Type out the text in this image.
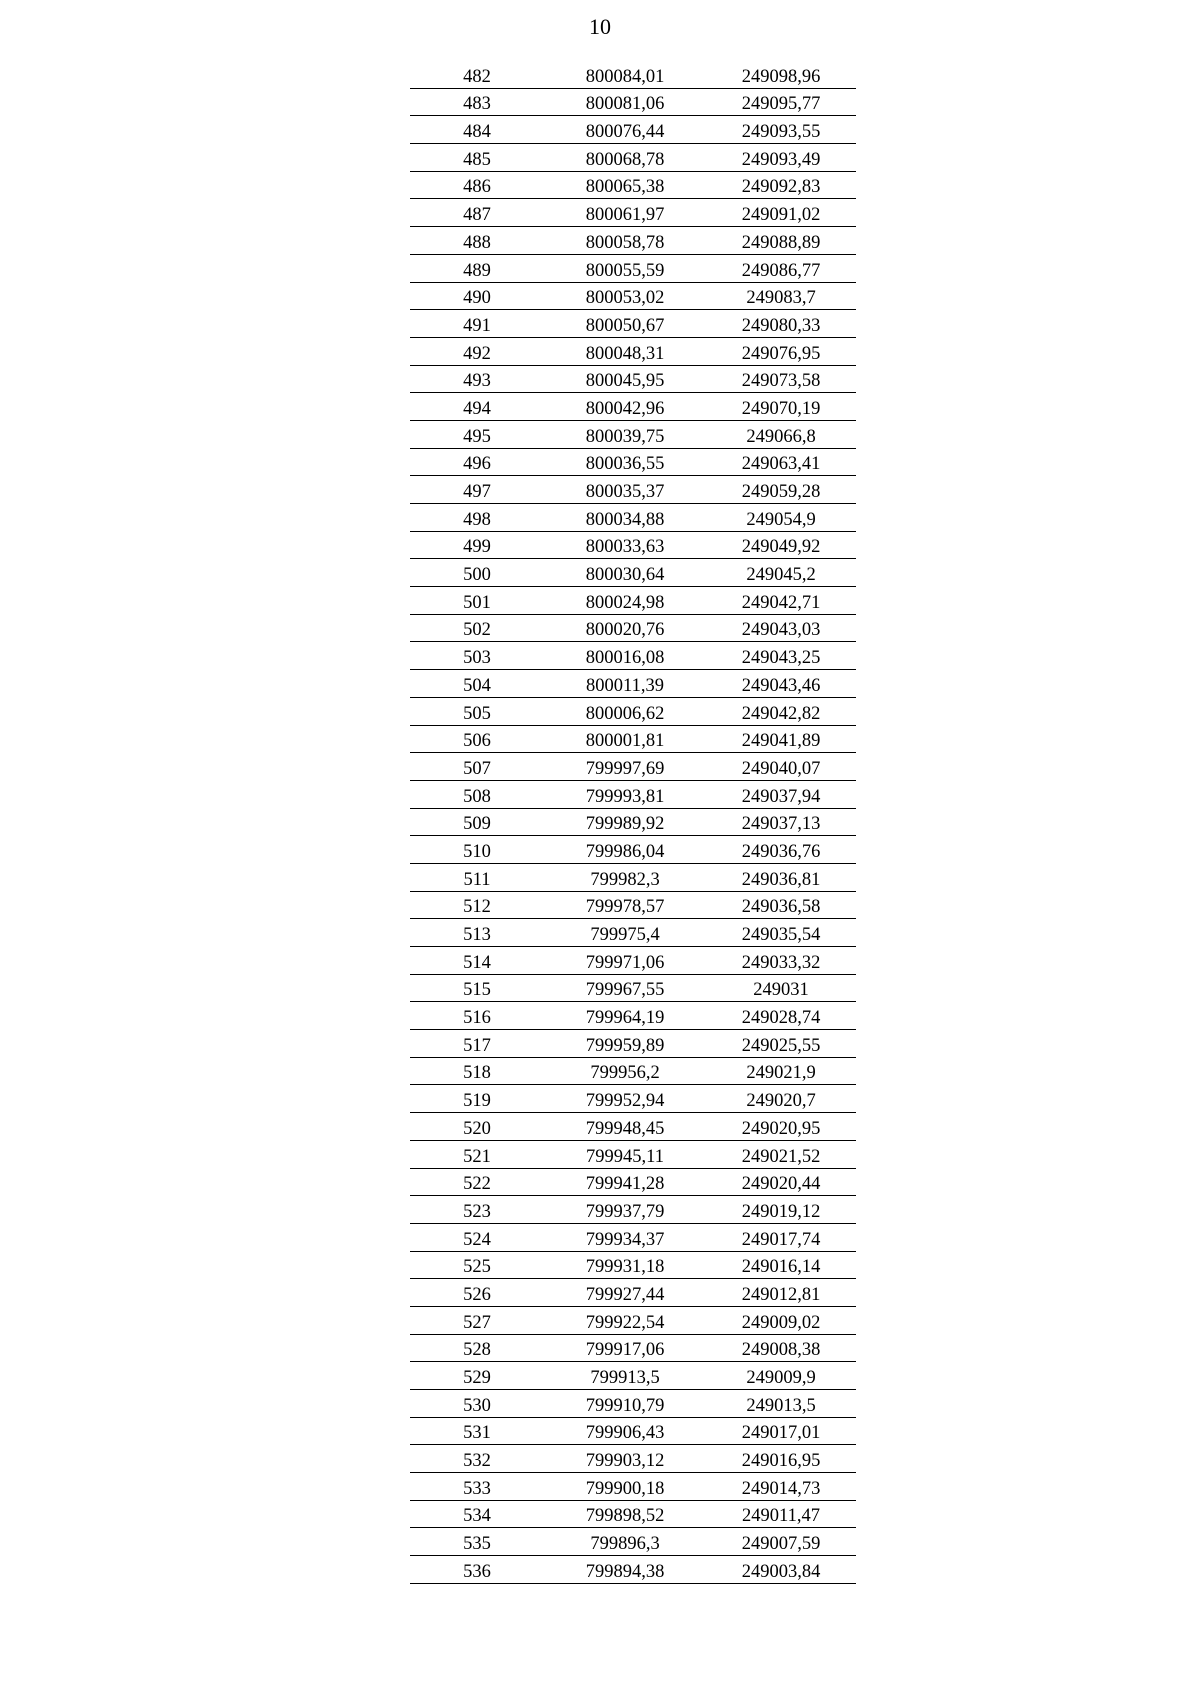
10
482	800084,01	249098,96
483	800081,06	249095,77
484	800076,44	249093,55
485	800068,78	249093,49
486	800065,38	249092,83
487	800061,97	249091,02
488	800058,78	249088,89
489	800055,59	249086,77
490	800053,02	249083,7
491	800050,67	249080,33
492	800048,31	249076,95
493	800045,95	249073,58
494	800042,96	249070,19
495	800039,75	249066,8
496	800036,55	249063,41
497	800035,37	249059,28
498	800034,88	249054,9
499	800033,63	249049,92
500	800030,64	249045,2
501	800024,98	249042,71
502	800020,76	249043,03
503	800016,08	249043,25
504	800011,39	249043,46
505	800006,62	249042,82
506	800001,81	249041,89
507	799997,69	249040,07
508	799993,81	249037,94
509	799989,92	249037,13
510	799986,04	249036,76
511	799982,3	249036,81
512	799978,57	249036,58
513	799975,4	249035,54
514	799971,06	249033,32
515	799967,55	249031
516	799964,19	249028,74
517	799959,89	249025,55
518	799956,2	249021,9
519	799952,94	249020,7
520	799948,45	249020,95
521	799945,11	249021,52
522	799941,28	249020,44
523	799937,79	249019,12
524	799934,37	249017,74
525	799931,18	249016,14
526	799927,44	249012,81
527	799922,54	249009,02
528	799917,06	249008,38
529	799913,5	249009,9
530	799910,79	249013,5
531	799906,43	249017,01
532	799903,12	249016,95
533	799900,18	249014,73
534	799898,52	249011,47
535	799896,3	249007,59
536	799894,38	249003,84
